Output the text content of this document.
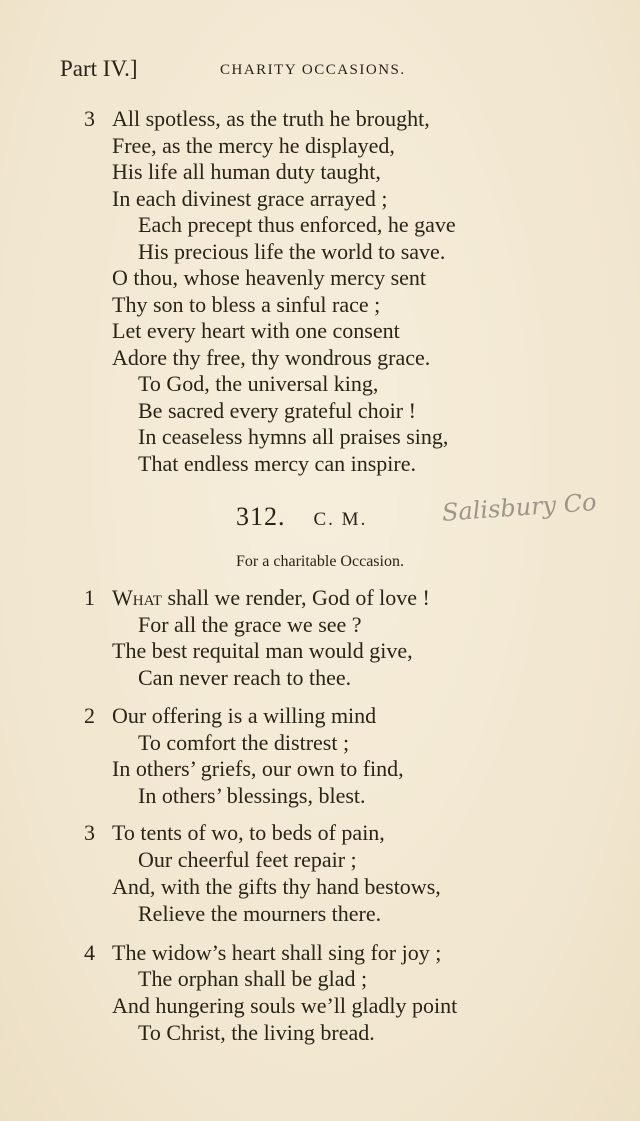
Part IV.]	CHARITY OCCASIONS.
3 All spotless, as the truth he brought,
Free, as the mercy he displayed,
His life all human duty taught,
In each divinest grace arrayed ;
Each precept thus enforced, he gave
His precious life the world to save.
O thou, whose heavenly mercy sent
Thy son to bless a sinful race ;
Let every heart with one consent
Adore thy free, thy wondrous grace.
To God, the universal king,
Be sacred every grateful choir !
In ceaseless hymns all praises sing,
That endless mercy can inspire.
312. C. M.	Salisbury Co
For a charitable Occasion.
1 What shall we render, God of love !
For all the grace we see ?
The best requital man would give,
Can never reach to thee.
2 Our offering is a willing mind
To comfort the distrest ;
In others’ griefs, our own to find,
In others’ blessings, blest.
3 To tents of wo, to beds of pain,
Our cheerful feet repair ;
And, with the gifts thy hand bestows,
Relieve the mourners there.
4 The widow’s heart shall sing for joy ;
The orphan shall be glad ;
And hungering souls we’ll gladly point
To Christ, the living bread.
